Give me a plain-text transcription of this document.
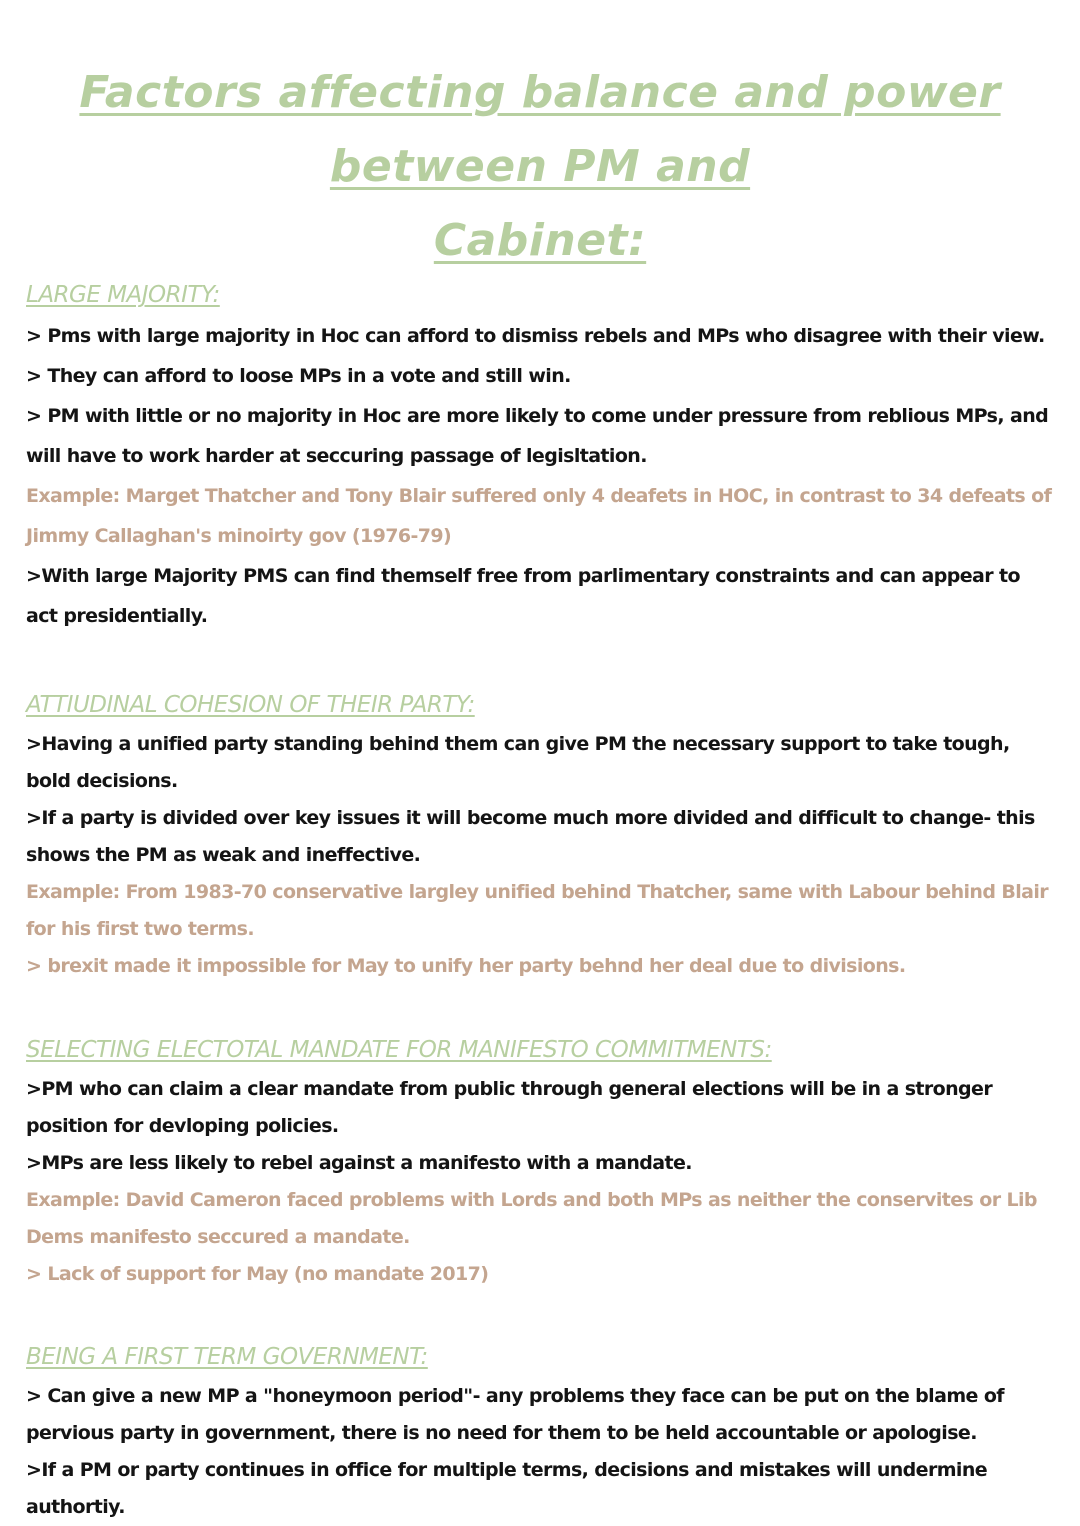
Factors affecting balance and power between PM and
Cabinet:
LARGE MAJORITY:

> Pms with large majority in Hoc can afford to dismiss rebels and MPs who disagree with their view.

> They can afford to loose MPs in a vote and still win.

> PM with little or no majority in Hoc are more likely to come under pressure from reblious MPs, and will have to work harder at seccuring passage of legisltation.

Example: Marget Thatcher and Tony Blair suffered only 4 deafets in HOC, in contrast to 34 defeats of Jimmy Callaghan's minoirty gov (1976-79)

>With large Majority PMS can find themself free from parlimentary constraints and can appear to act presidentially.

ATTIUDINAL COHESION OF THEIR PARTY:

>Having a unified party standing behind them can give PM the necessary support to take tough, bold decisions.

>If a party is divided over key issues it will become much more divided and difficult to change- this shows the PM as weak and ineffective.

Example: From 1983-70 conservative largley unified behind Thatcher, same with Labour behind Blair for his first two terms.

> brexit made it impossible for May to unify her party behnd her deal due to divisions.

SELECTING ELECTOTAL MANDATE FOR MANIFESTO COMMITMENTS:

>PM who can claim a clear mandate from public through general elections will be in a stronger position for devloping policies.

>MPs are less likely to rebel against a manifesto with a mandate.

Example: David Cameron faced problems with Lords and both MPs as neither the conservites or Lib Dems manifesto seccured a mandate.

> Lack of support for May (no mandate 2017)

BEING A FIRST TERM GOVERNMENT:

> Can give a new MP a "honeymoon period"- any problems they face can be put on the blame of pervious party in government, there is no need for them to be held accountable or apologise.

>If a PM or party continues in office for multiple terms, decisions and mistakes will undermine authortiy.
